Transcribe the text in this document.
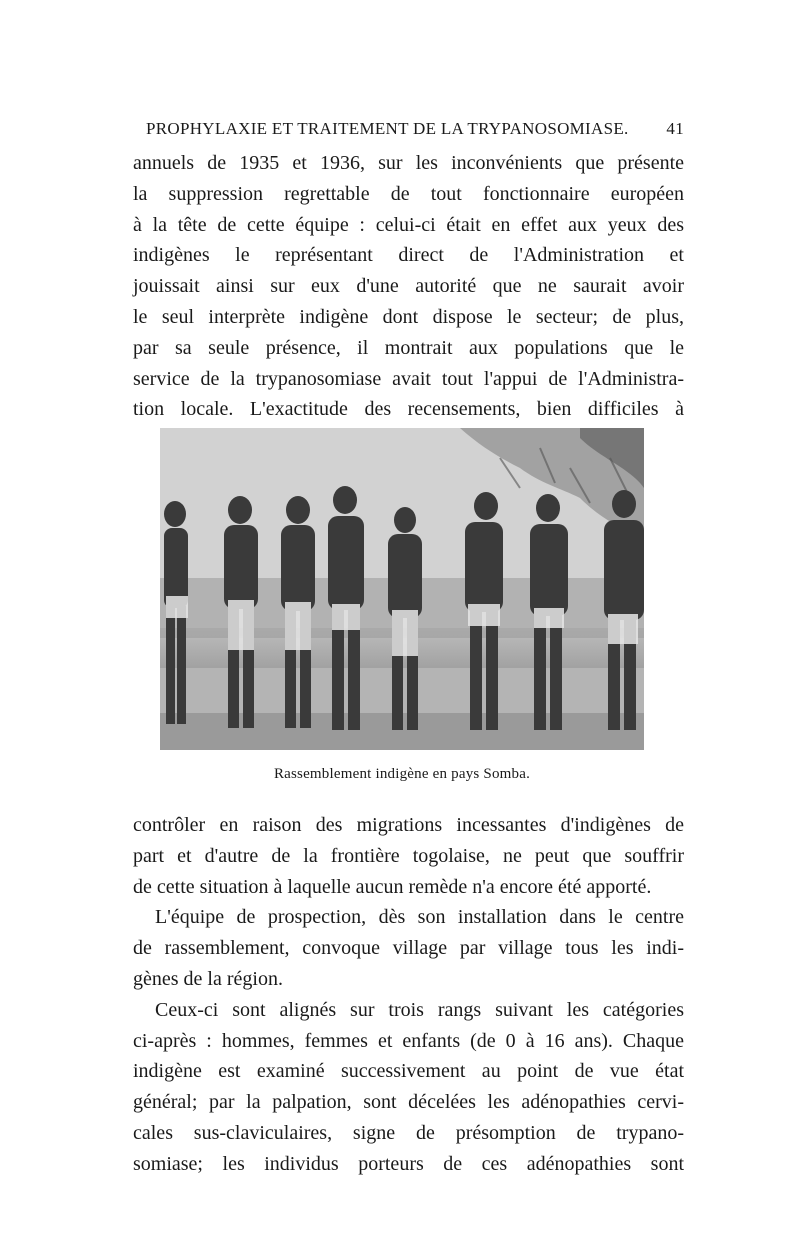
PROPHYLAXIE ET TRAITEMENT DE LA TRYPANOSOMIASE. 41
annuels de 1935 et 1936, sur les inconvénients que présente
la suppression regrettable de tout fonctionnaire européen
à la tête de cette équipe : celui-ci était en effet aux yeux des
indigènes le représentant direct de l'Administration et
jouissait ainsi sur eux d'une autorité que ne saurait avoir
le seul interprète indigène dont dispose le secteur; de plus,
par sa seule présence, il montrait aux populations que le
service de la trypanosomiase avait tout l'appui de l'Administra-
tion locale. L'exactitude des recensements, bien difficiles à
Rassemblement indigène en pays Somba.
contrôler en raison des migrations incessantes d'indigènes de
part et d'autre de la frontière togolaise, ne peut que souffrir
de cette situation à laquelle aucun remède n'a encore été apporté.
L'équipe de prospection, dès son installation dans le centre
de rassemblement, convoque village par village tous les indi-
gènes de la région.
Ceux-ci sont alignés sur trois rangs suivant les catégories
ci-après : hommes, femmes et enfants (de 0 à 16 ans). Chaque
indigène est examiné successivement au point de vue état
général; par la palpation, sont décelées les adénopathies cervi-
cales sus-claviculaires, signe de présomption de trypano-
somiase; les individus porteurs de ces adénopathies sont
